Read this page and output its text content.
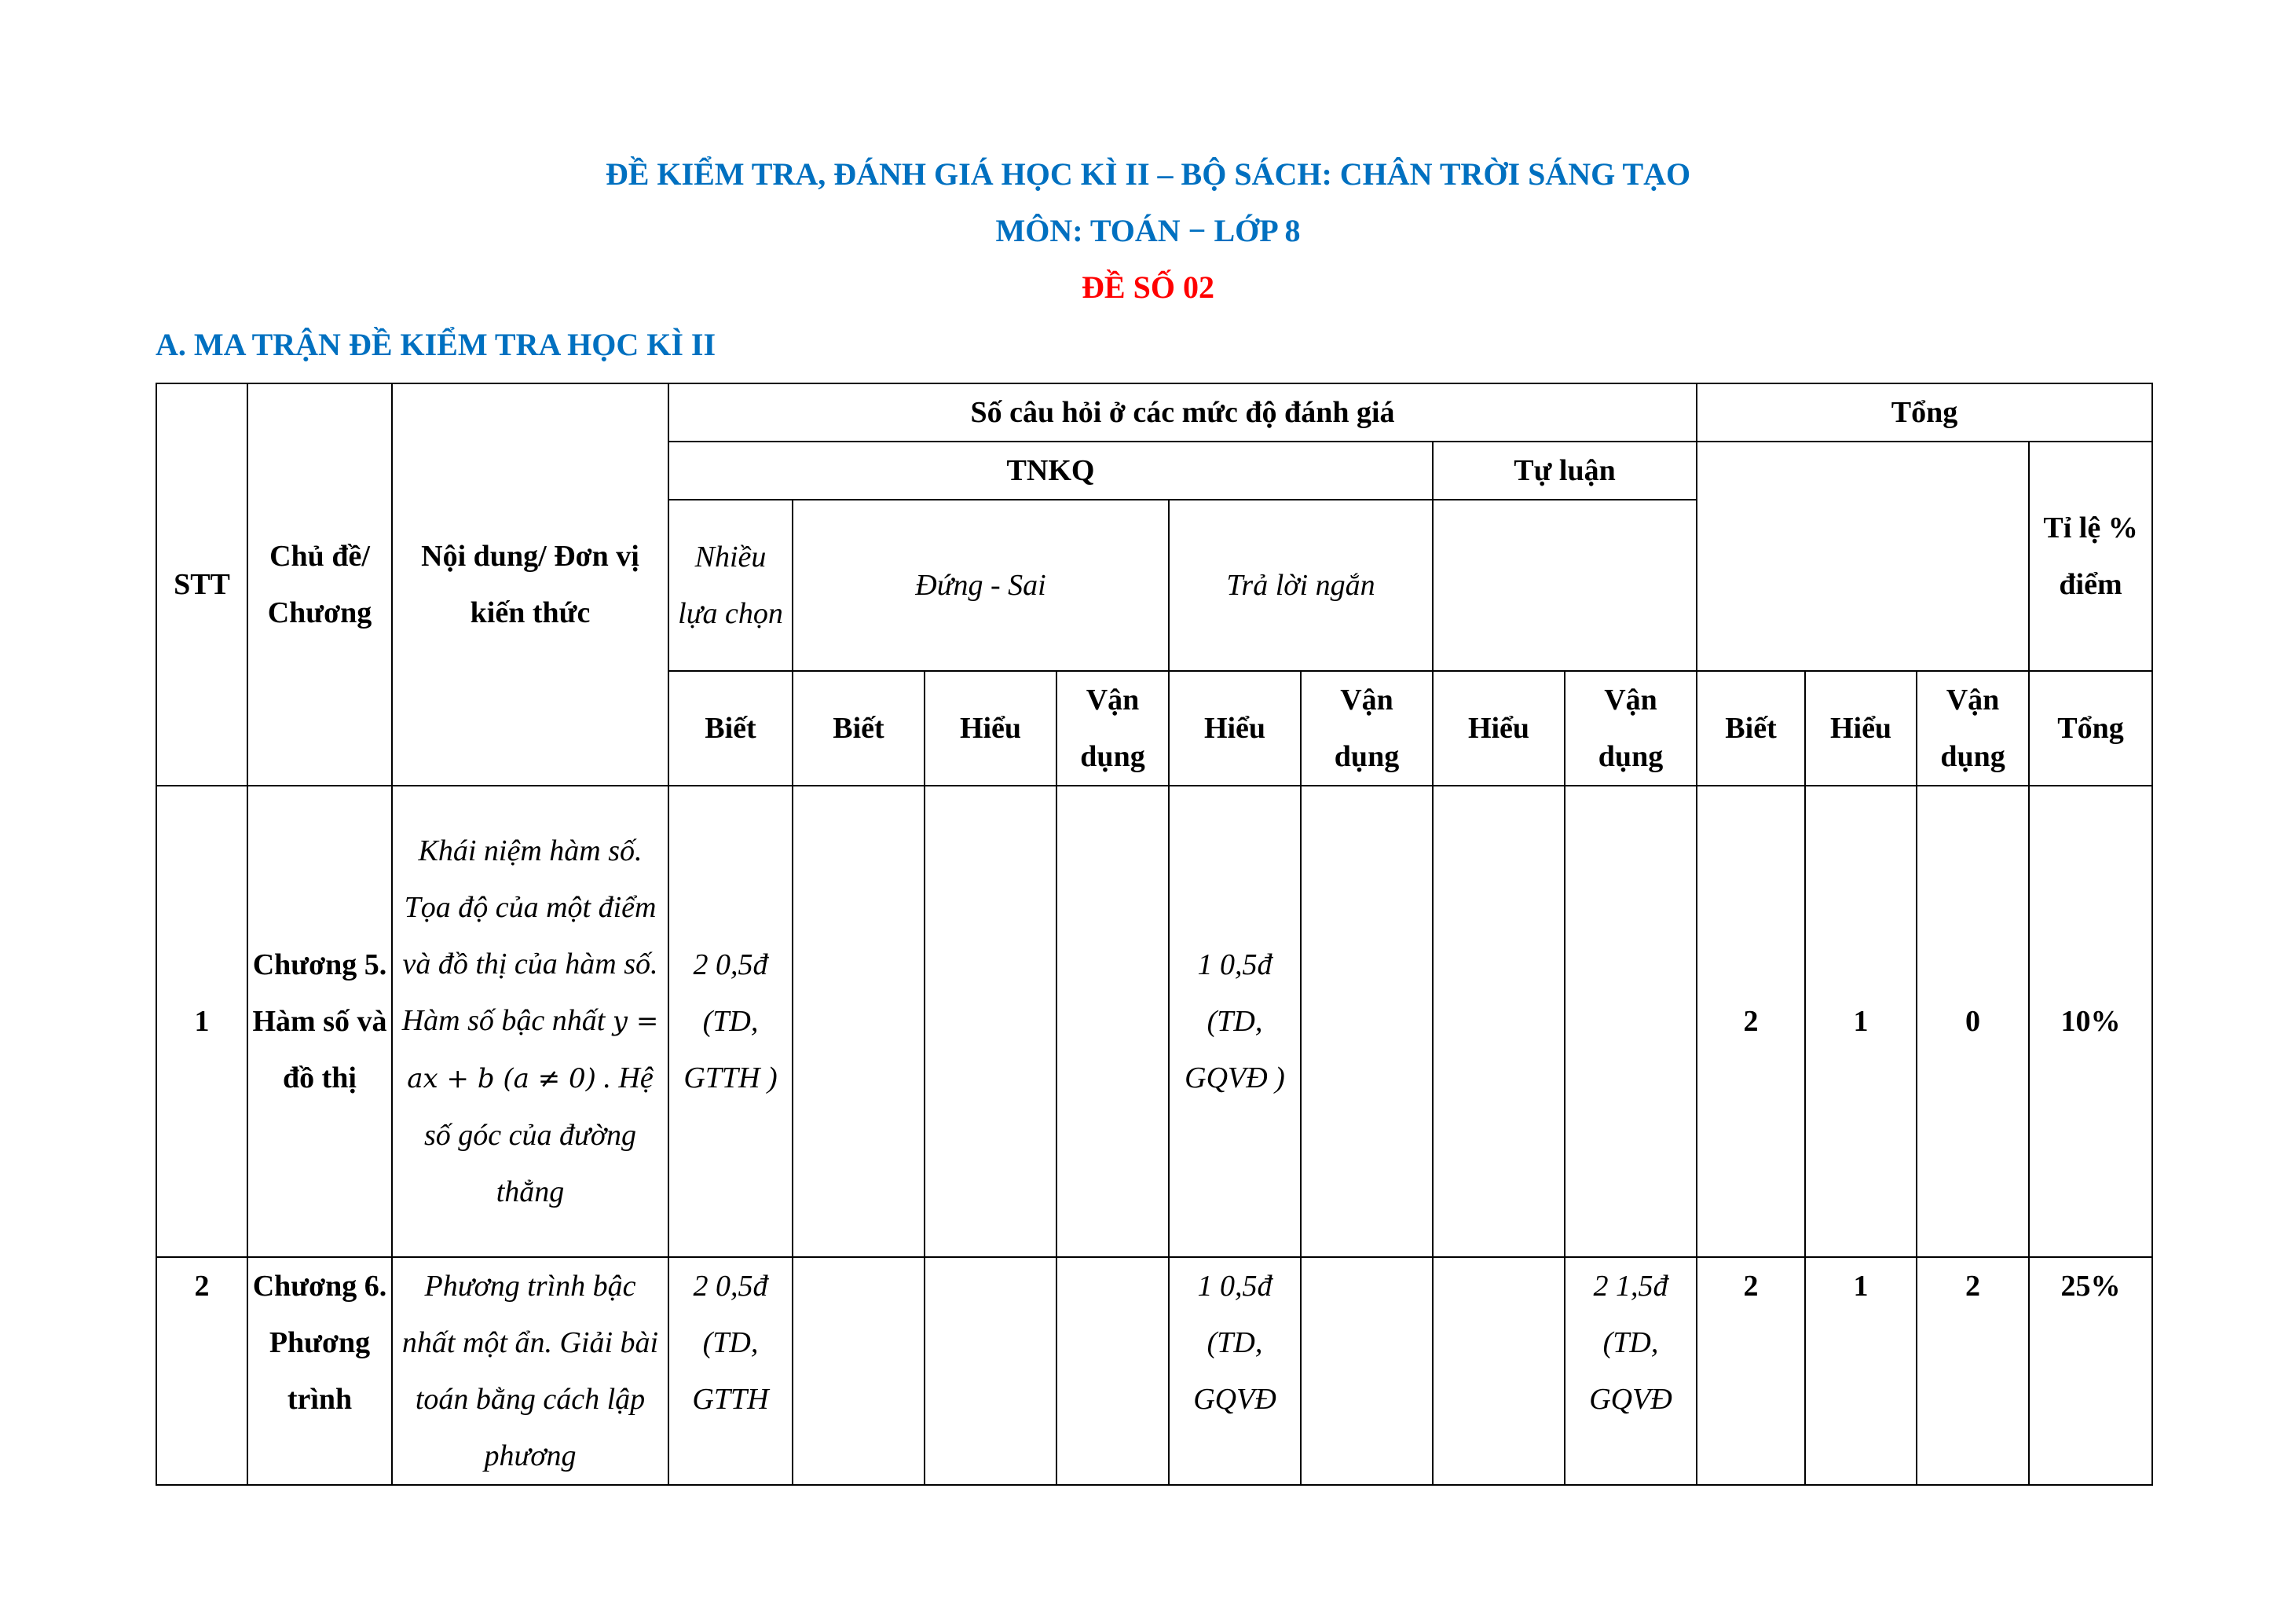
ĐỀ KIỂM TRA, ĐÁNH GIÁ HỌC KÌ II – BỘ SÁCH: CHÂN TRỜI SÁNG TẠO
MÔN: TOÁN − LỚP 8
ĐỀ SỐ 02
A. MA TRẬN ĐỀ KIỂM TRA HỌC KÌ II
STT	Chủ đề/ Chương	Nội dung/ Đơn vị kiến thức	Số câu hỏi ở các mức độ đánh giá								Tổng			
			TNKQ						Tự luận					Tỉ lệ % điểm
			Nhiều lựa chọn	Đứng - Sai			Trả lời ngắn							
			Biết	Biết	Hiểu	Vận dụng	Hiểu	Vận dụng	Hiểu	Vận dụng	Biết	Hiểu	Vận dụng	Tổng
1	Chương 5. Hàm số và đồ thị	Khái niệm hàm số. Tọa độ của một điểm và đồ thị của hàm số. Hàm số bậc nhất y = ax + b (a ≠ 0) . Hệ số góc của đường thẳng	2 0,5đ (TD, GTTH )				1 0,5đ (TD, GQVĐ )				2	1	0	10%
2	Chương 6. Phương trình	Phương trình bậc nhất một ẩn. Giải bài toán bằng cách lập phương	2 0,5đ (TD, GTTH				1 0,5đ (TD, GQVĐ			2 1,5đ (TD, GQVĐ	2	1	2	25%
